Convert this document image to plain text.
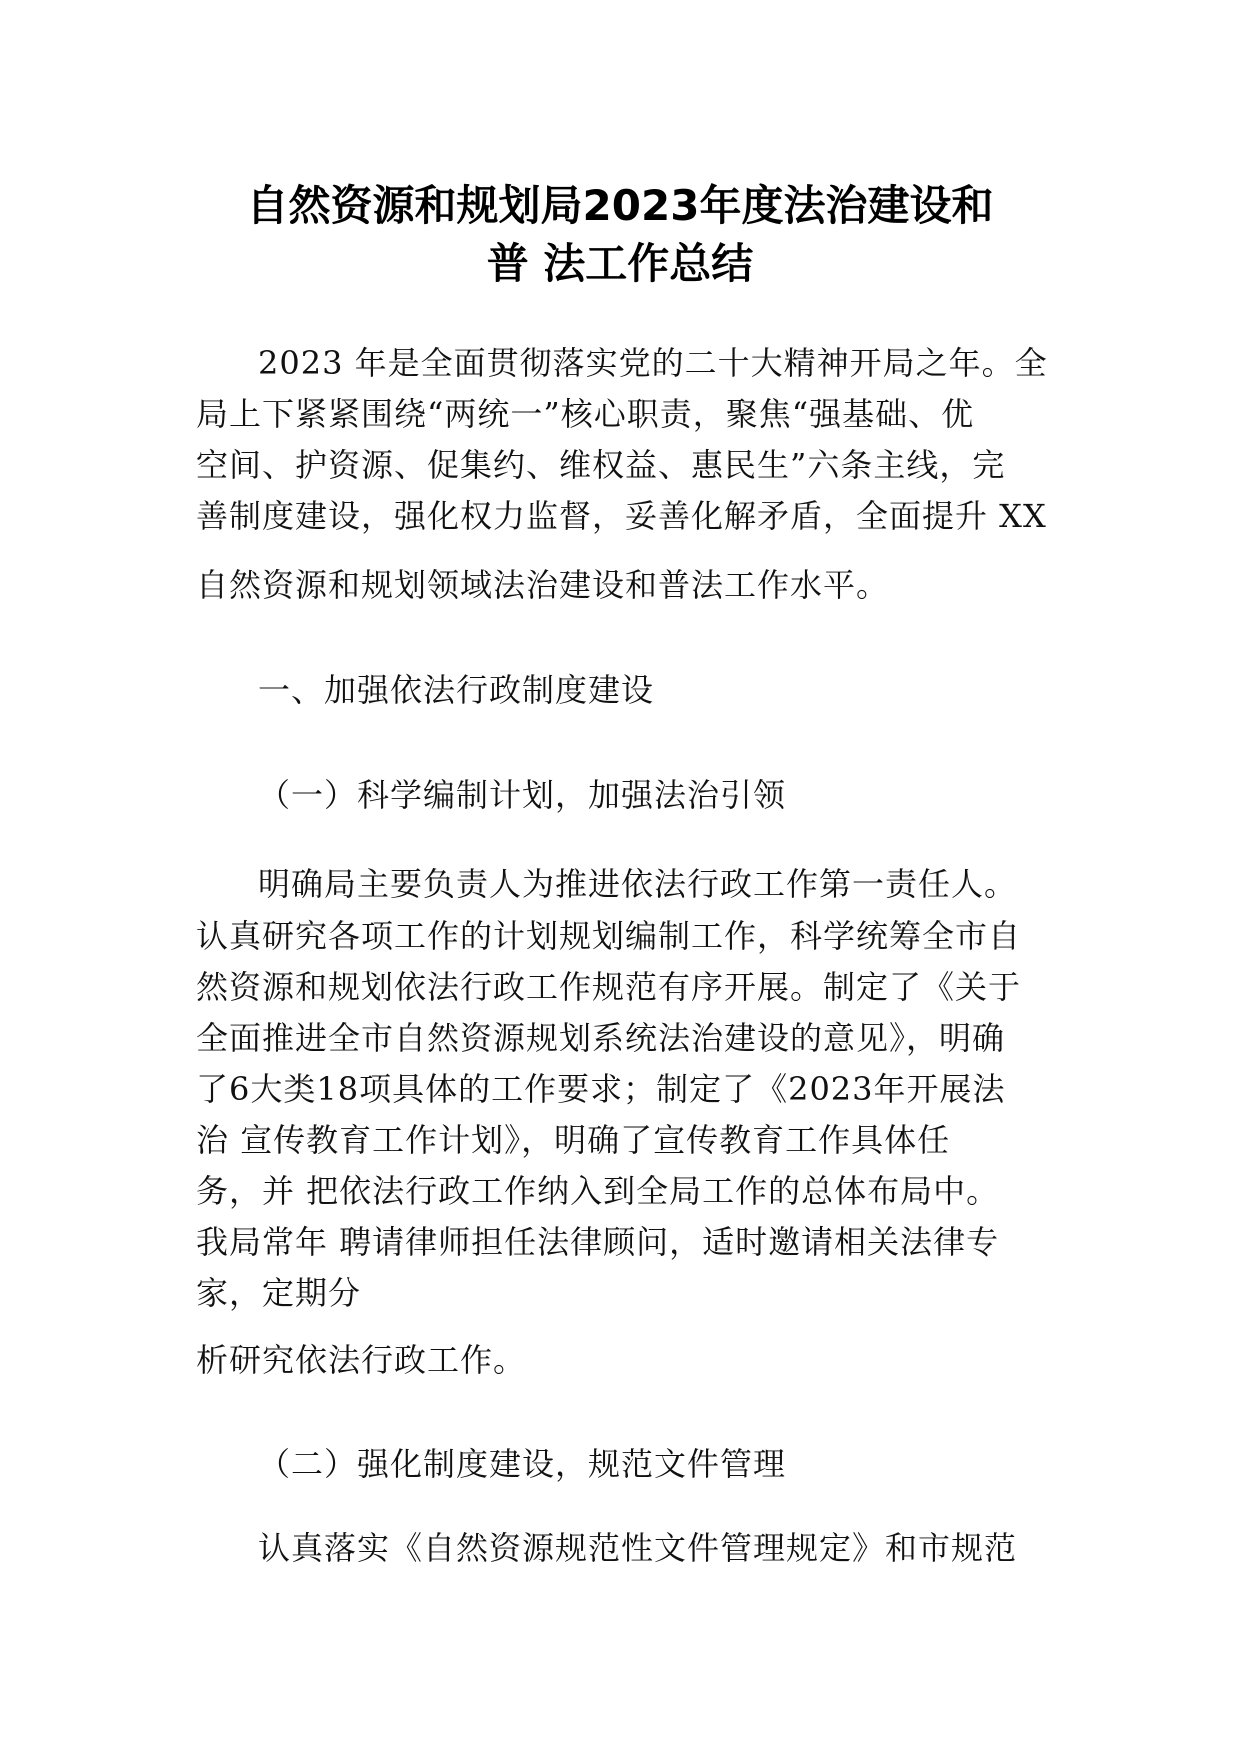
自然资源和规划局2023年度法治建设和
普 法工作总结
2023 年是全面贯彻落实党的二十大精神开局之年。全
局上下紧紧围绕“两统一”核心职责，聚焦“强基础、优
空间、护资源、促集约、维权益、惠民生”六条主线，完
善制度建设，强化权力监督，妥善化解矛盾，全面提升 XX
自然资源和规划领域法治建设和普法工作水平。
一、加强依法行政制度建设
（一）科学编制计划，加强法治引领
明确局主要负责人为推进依法行政工作第一责任人。
认真研究各项工作的计划规划编制工作，科学统筹全市自
然资源和规划依法行政工作规范有序开展。制定了《关于
全面推进全市自然资源规划系统法治建设的意见》，明确
了6大类18项具体的工作要求；制定了《2023年开展法
治 宣传教育工作计划》，明确了宣传教育工作具体任
务，并 把依法行政工作纳入到全局工作的总体布局中。
我局常年 聘请律师担任法律顾问，适时邀请相关法律专
家，定期分
析研究依法行政工作。
（二）强化制度建设，规范文件管理
认真落实《自然资源规范性文件管理规定》和市规范
